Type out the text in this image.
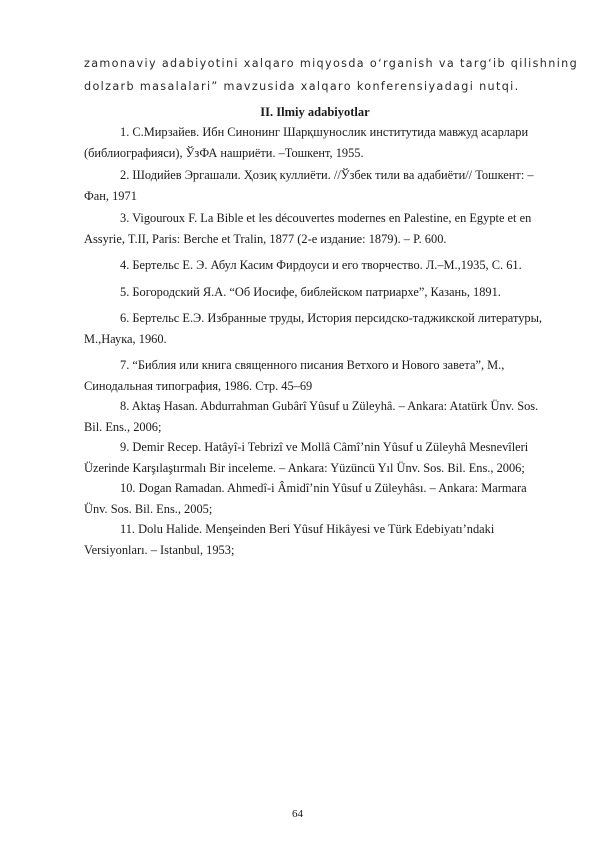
zamonaviy adabiyotini xalqaro miqyosda oʻrganish va targʻib qilishning
dolzarb masalalari” mavzusida xalqaro konferensiyadagi nutqi.
II. Ilmiy adabiyotlar

1. С.Мирзайев. Ибн Синонинг Шарқшунослик институтида мавжуд асарлари (библиографияси), ЎзФА нашриёти. –Тошкент, 1955.

2. Шодийев Эргашали. Ҳозиқ куллиёти. //Ўзбек тили ва адабиёти// Тошкент: – Фан, 1971

3. Vigouroux F. La Bible et les découvertes modernes en Palestine, en Egypte et en Assyrie, T.II, Paris: Berche et Tralin, 1877 (2-е издание: 1879). – P. 600.

4. Бертельс Е. Э. Абул Касим Фирдоуси и его творчество. Л.–М.,1935, С. 61.

5. Богородский Я.А. “Об Иосифе, библейском патриархе”, Казань, 1891.

6. Бертельс Е.Э. Избранные труды, История персидско-таджикской литературы, М.,Наука, 1960.

7. “Библия или книга священного писания Ветхого и Нового завета”, М., Синодальная типография, 1986. Стр. 45–69

8. Aktaş Hasan. Abdurrahman Gubârî Yûsuf u Züleyhâ. – Ankara: Atatürk Ünv. Sos. Bil. Ens., 2006;

9. Demir Recep. Hatâyî-i Tebrizî ve Mollâ Câmî’nin Yûsuf u Züleyhâ Mesnevîleri Üzerinde Karşılaştırmalı Bir inceleme. – Ankara: Yüzüncü Yıl Ünv. Sos. Bil. Ens., 2006;

10. Dogan Ramadan. Ahmedî-i Âmidî’nin Yûsuf u Züleyhâsı. – Ankara: Marmara Ünv. Sos. Bil. Ens., 2005;

11. Dolu Halide. Menşeinden Beri Yûsuf Hikâyesi ve Türk Edebiyatı’ndaki Versiyonları. – Istanbul, 1953;

64
